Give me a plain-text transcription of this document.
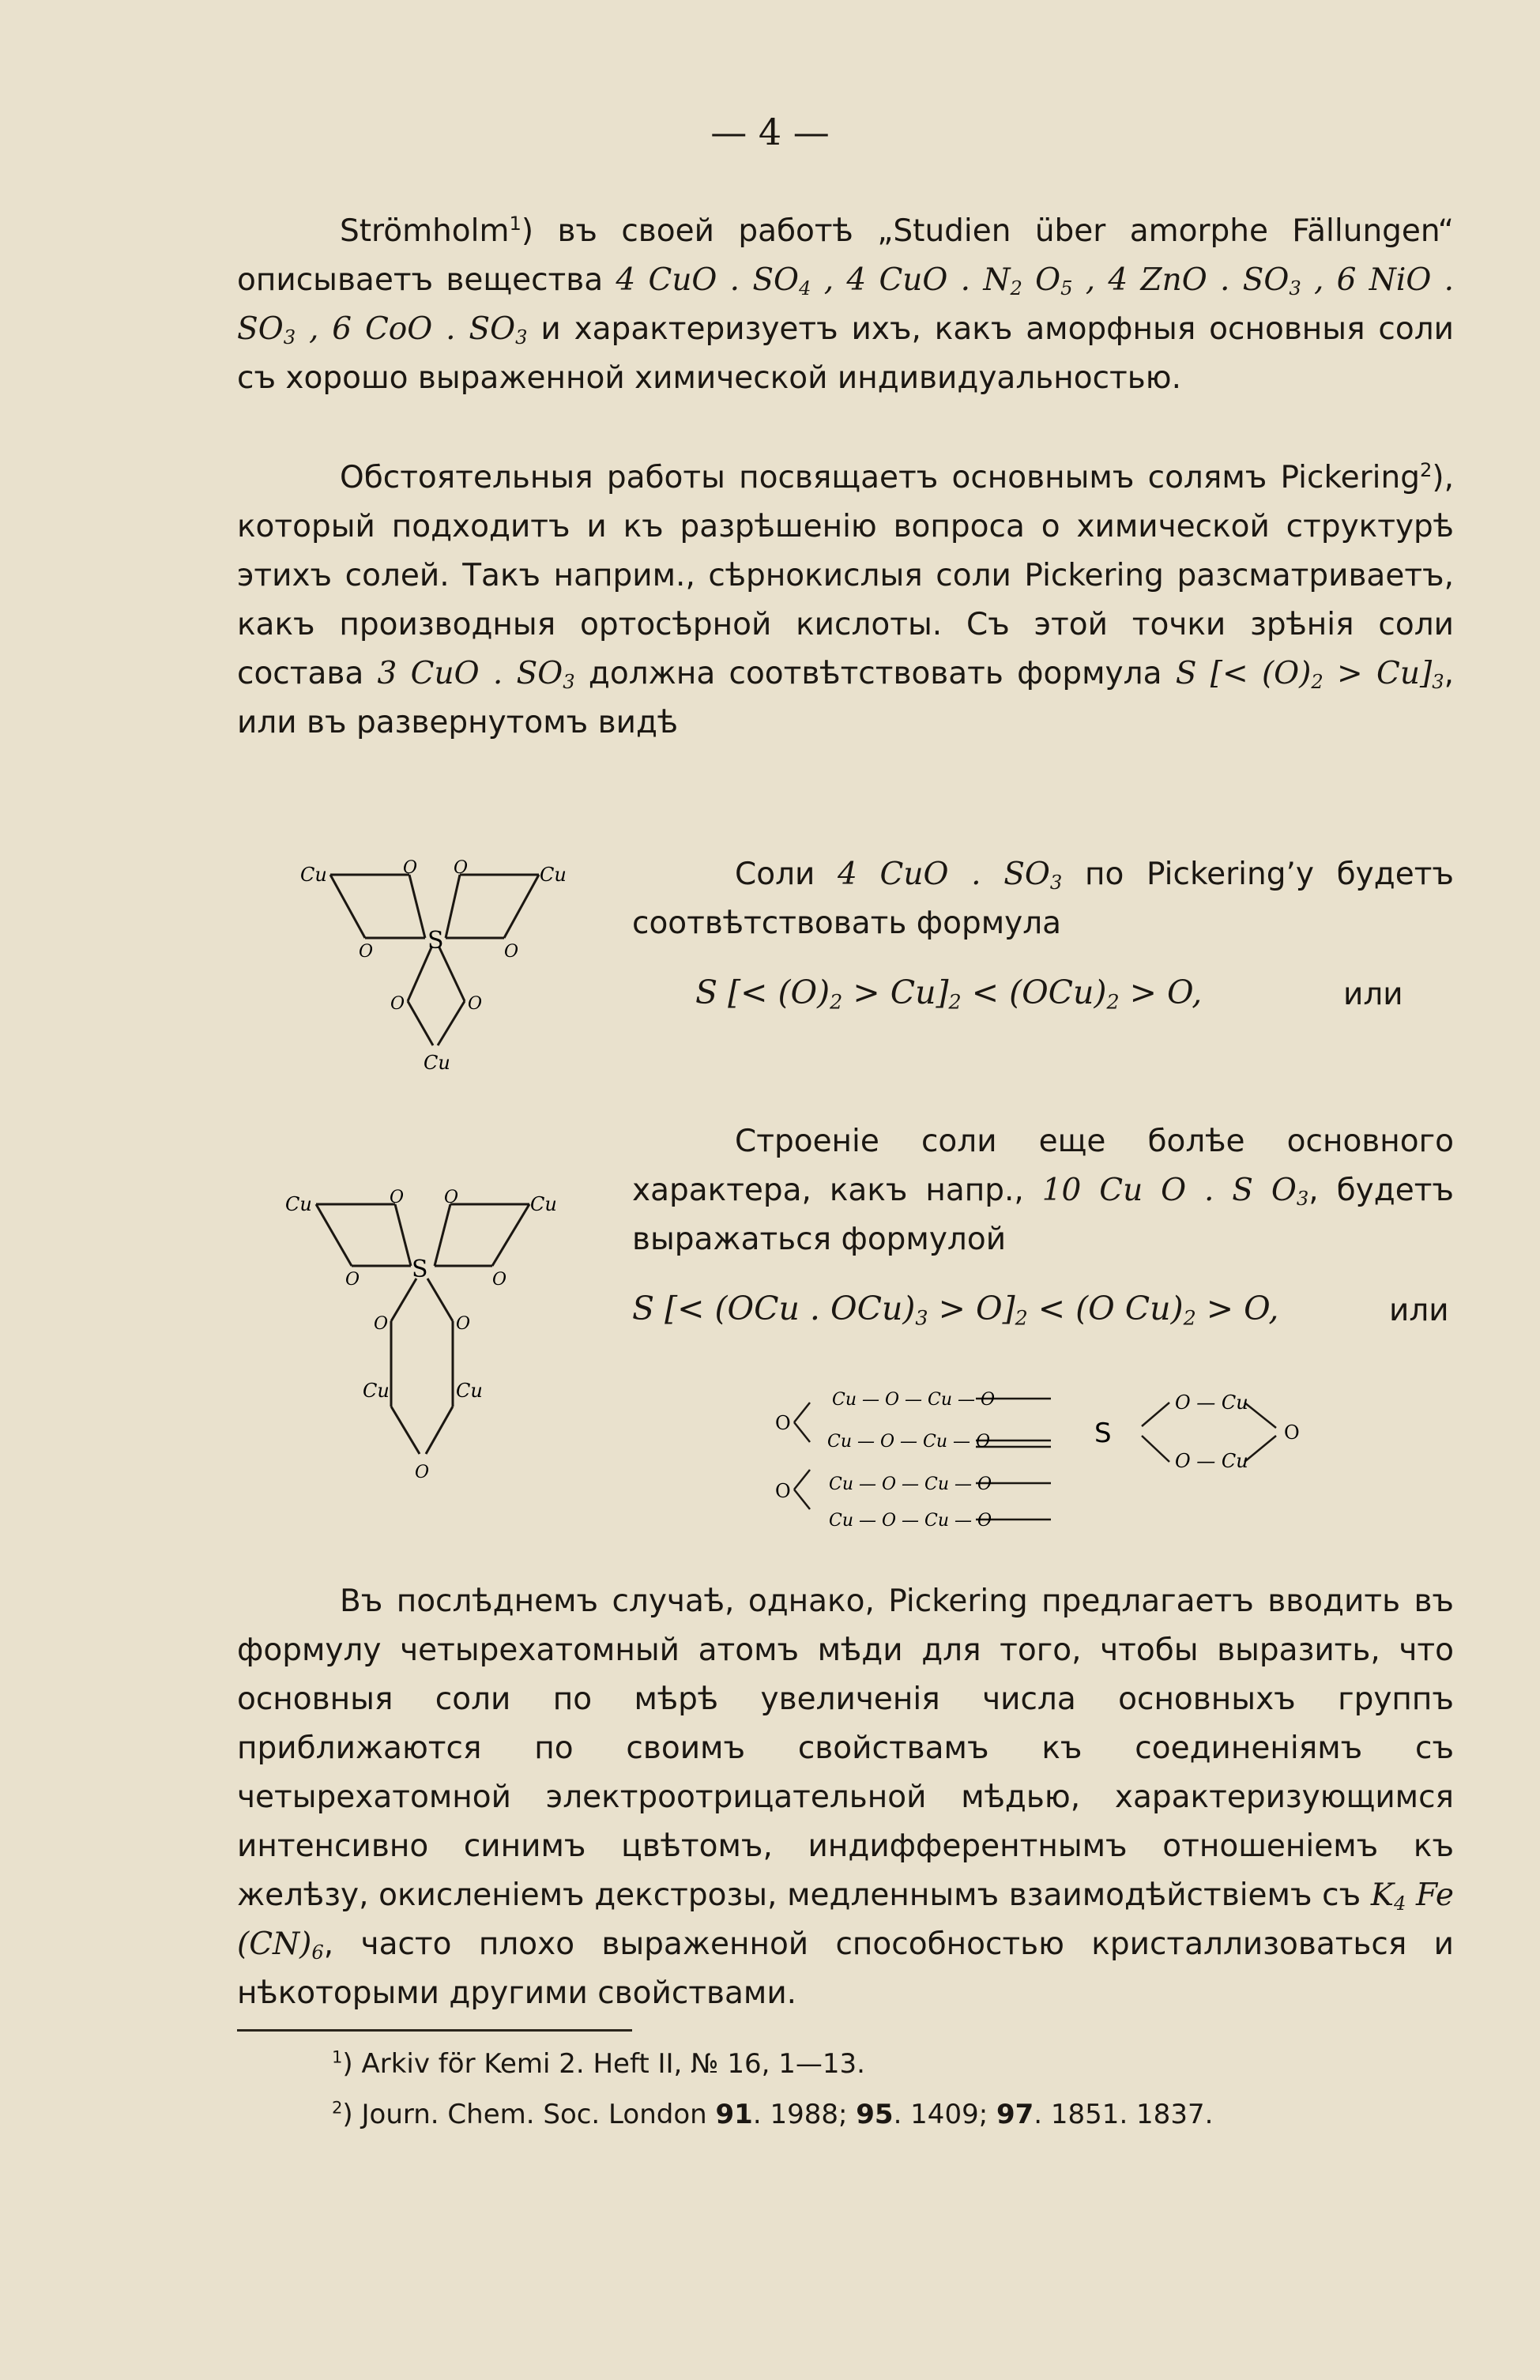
— 4 —

Strömholm$^1$) въ своей работѣ „Studien über amorphe Fällungen“ описываетъ вещества 4 CuO . $SO_4$ , 4 CuO . $N_2$ $O_5$ , 4 ZnO . $SO_3$ , 6 NiO . $SO_3$ , 6 CoO . $SO_3$ и характеризуетъ ихъ, какъ аморфныя основныя соли съ хорошо выраженной химической индивидуальностью.

Обстоятельныя работы посвящаетъ основнымъ солямъ Pickering$^2$), который подходитъ и къ разрѣшенію вопроса о химической структурѣ этихъ солей. Такъ наприм., сѣрнокислыя соли Pickering разсматриваетъ, какъ производныя ортосѣрной кислоты. Съ этой точки зрѣнія соли состава 3 CuO . $SO_3$ должна соотвѣтствовать формула S [< $(O)_2 > Cu]_3$, или въ развернутомъ видѣ

Cu	Cu
O O
O	O
S
O	O
Cu

Соли 4 CuO . $SO_3$ по Pickering’у будетъ соотвѣтствовать формула

S [< $(O)_2 > Cu]_2 < (OCu)_2 > O$,	или
Cu	Cu
O O
O	O
S
O	O
Cu	Cu
O

Строеніе соли еще болѣе основного характера, какъ напр., 10 Cu O . S $O_3$, будетъ выражаться формулой

S [< (OCu . $OCu)_3 > O]_2 < (O$ $Cu)_2 > O$,	или
O
O
Cu — O — Cu — O
Cu — O — Cu — O
Cu — O — Cu — O
Cu — O — Cu — O
S
O — Cu
O — Cu
O

Въ послѣднемъ случаѣ, однако, Pickering предлагаетъ вводить въ формулу четырехатомный атомъ мѣди для того, чтобы выразить, что основныя соли по мѣрѣ увеличенія числа основныхъ группъ приближаются по своимъ свойствамъ къ соединеніямъ съ четырехатомной электроотрицательной мѣдью, характеризующимся интенсивно синимъ цвѣтомъ, индифферентнымъ отношеніемъ къ желѣзу, окисленіемъ декстрозы, медленнымъ взаимодѣйствіемъ съ $K_4$ Fe $(CN)_6$, часто плохо выраженной способностью кристаллизоваться и нѣкоторыми другими свойствами.

$^1$) Arkiv för Kemi 2. Heft II, № 16, 1—13.
$^2$) Journ. Chem. Soc. London 91. 1988; 95. 1409; 97. 1851. 1837.
